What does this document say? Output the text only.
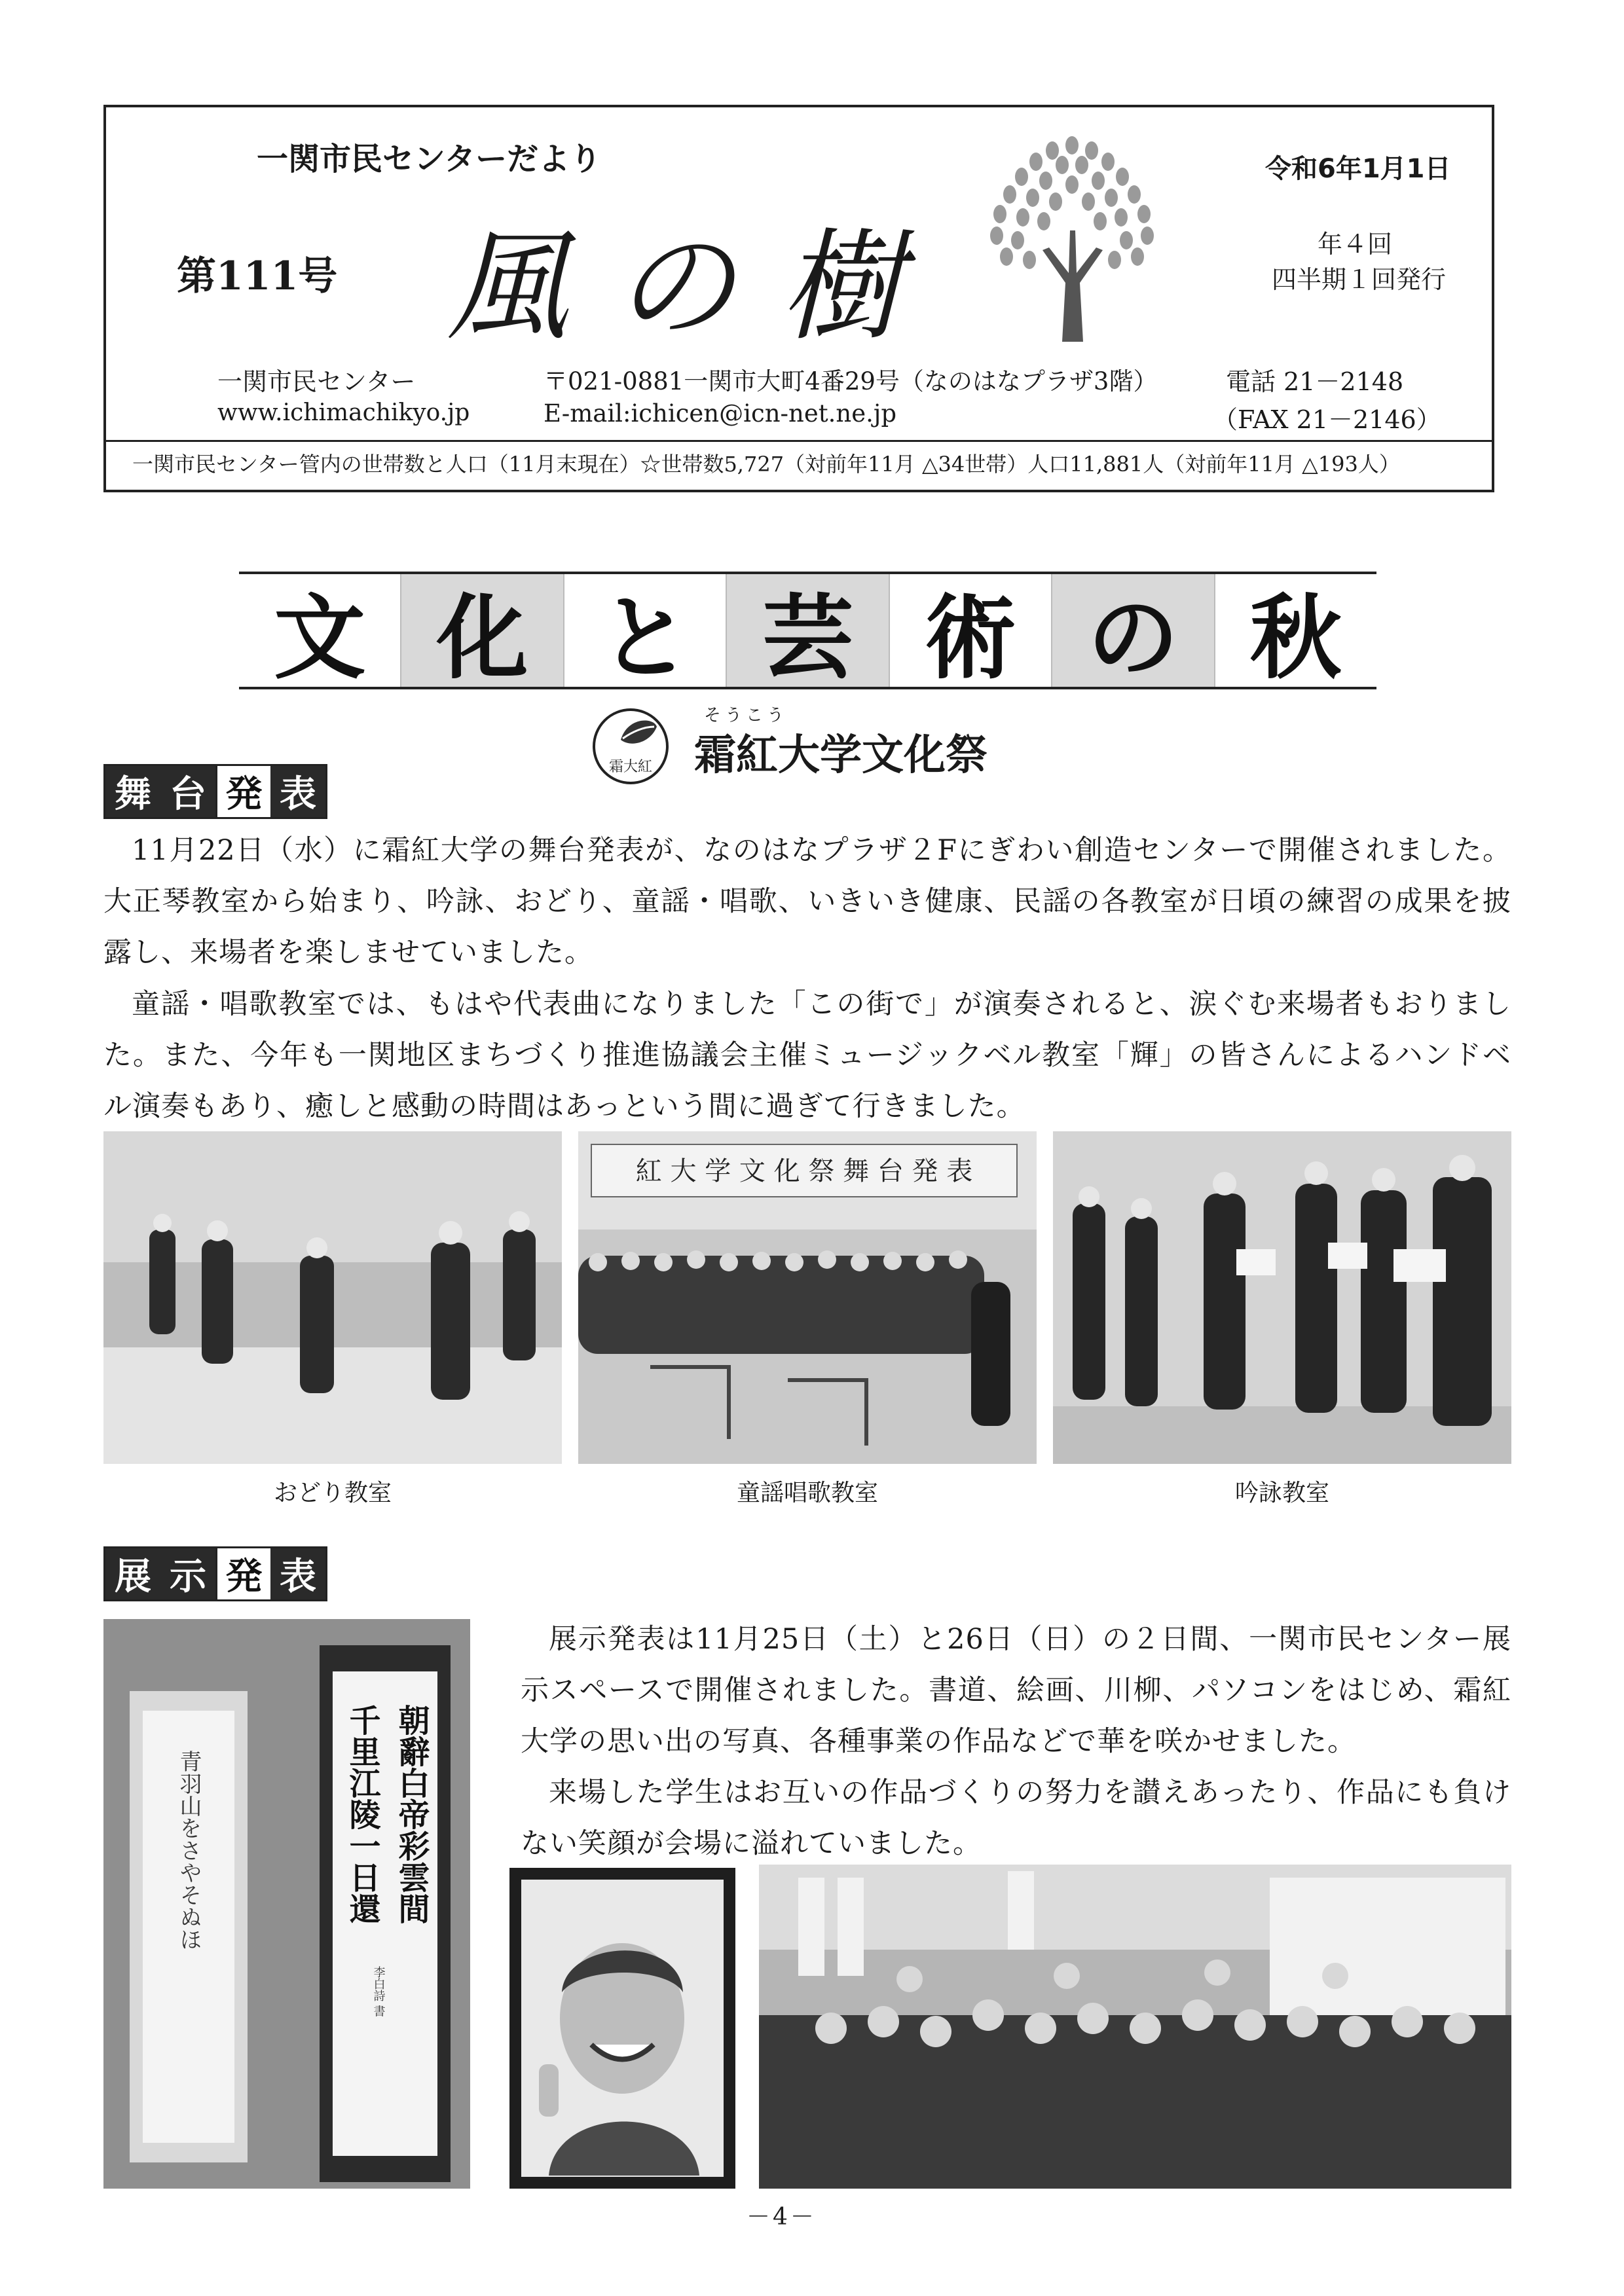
一関市民センターだより
第111号 風の樹
令和6年1月1日
年４回
四半期１回発行
一関市民センター
www.ichimachikyo.jp
〒021-0881一関市大町4番29号（なのはなプラザ3階）
E-mail:ichicen@icn-net.ne.jp
電話 21－2148
（FAX 21－2146）
一関市民センター管内の世帯数と人口（11月末現在）☆世帯数5,727（対前年11月 △34世帯）人口11,881人（対前年11月 △193人）
文 化 と 芸 術 の 秋
霜大紅
そうこう
霜紅大学文化祭
舞 台 発 表
11月22日（水）に霜紅大学の舞台発表が、なのはなプラザ２Fにぎわい創造センターで開催されました。大正琴教室から始まり、吟詠、おどり、童謡・唱歌、いきいき健康、民謡の各教室が日頃の練習の成果を披露し、来場者を楽しませていました。
童謡・唱歌教室では、もはや代表曲になりました「この街で」が演奏されると、涙ぐむ来場者もおりました。また、今年も一関地区まちづくり推進協議会主催ミュージックベル教室「輝」の皆さんによるハンドベル演奏もあり、癒しと感動の時間はあっという間に過ぎて行きました。
紅 大 学 文 化 祭 舞 台 発 表
おどり教室	童謡唱歌教室	吟詠教室
展 示 発 表
青羽山をさやそぬほ	朝辭白帝彩雲間
千里江陵一日還
李白詩 書
展示発表は11月25日（土）と26日（日）の２日間、一関市民センター展示スペースで開催されました。書道、絵画、川柳、パソコンをはじめ、霜紅大学の思い出の写真、各種事業の作品などで華を咲かせました。
来場した学生はお互いの作品づくりの努力を讃えあったり、作品にも負けない笑顔が会場に溢れていました。
－4－
